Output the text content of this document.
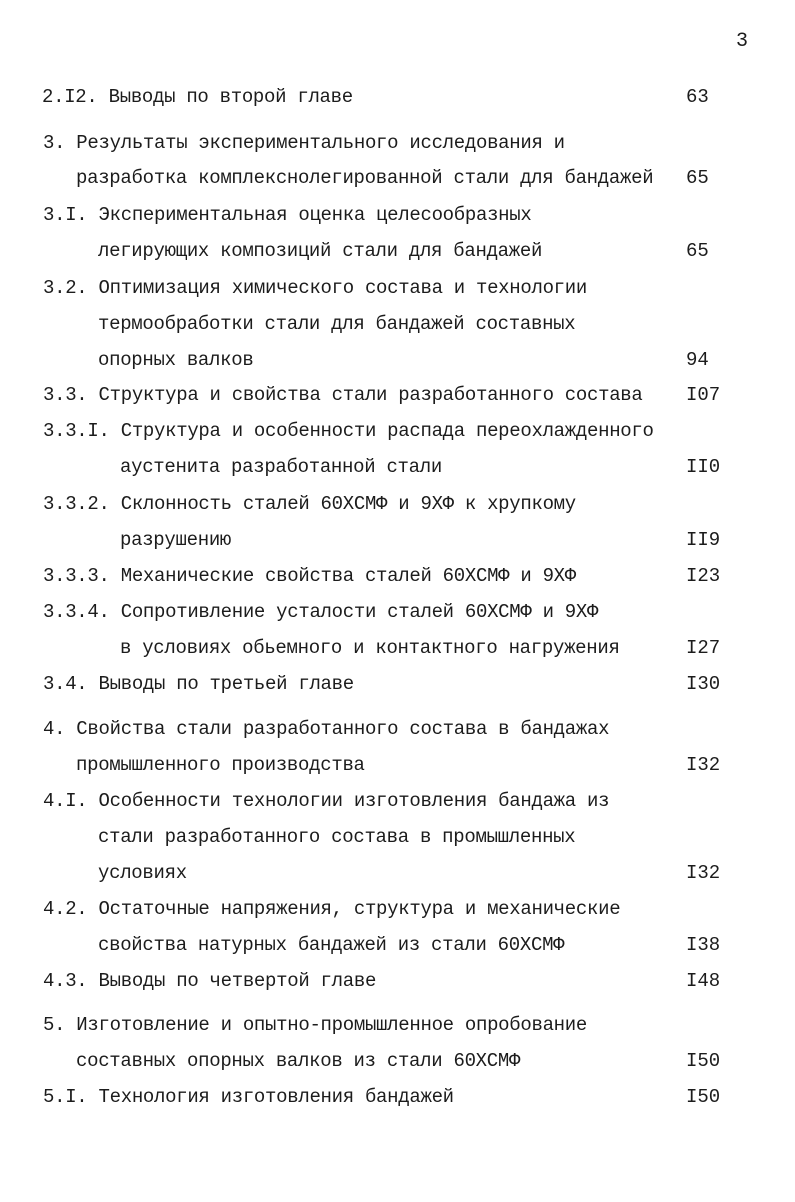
3
2.I2. Выводы по второй главе	63
3. Результаты экспериментального исследования и
разработка комплекснолегированной стали для бандажей 65
3.I. Экспериментальная оценка целесообразных
легирующих композиций стали для бандажей	65
3.2. Оптимизация химического состава и технологии
термообработки стали для бандажей составных
опорных валков	94
3.3. Структура и свойства стали разработанного состава I07
3.3.I. Структура и особенности распада переохлажденного
аустенита разработанной стали	II0
3.3.2. Склонность сталей 60ХСМФ и 9ХФ к хрупкому
разрушению	II9
3.3.3. Механические свойства сталей 60ХСМФ и 9ХФ	I23
3.3.4. Сопротивление усталости сталей 60ХСМФ и 9ХФ
в условиях обьемного и контактного нагружения	I27
3.4. Выводы по третьей главе	I30
4. Свойства стали разработанного состава в бандажах
промышленного производства	I32
4.I. Особенности технологии изготовления бандажа из
стали разработанного состава в промышленных
условиях	I32
4.2. Остаточные напряжения, структура и механические
свойства натурных бандажей из стали 60ХСМФ	I38
4.3. Выводы по четвертой главе	I48
5. Изготовление и опытно-промышленное опробование
составных опорных валков из стали 60ХСМФ	I50
5.I. Технология изготовления бандажей	I50
